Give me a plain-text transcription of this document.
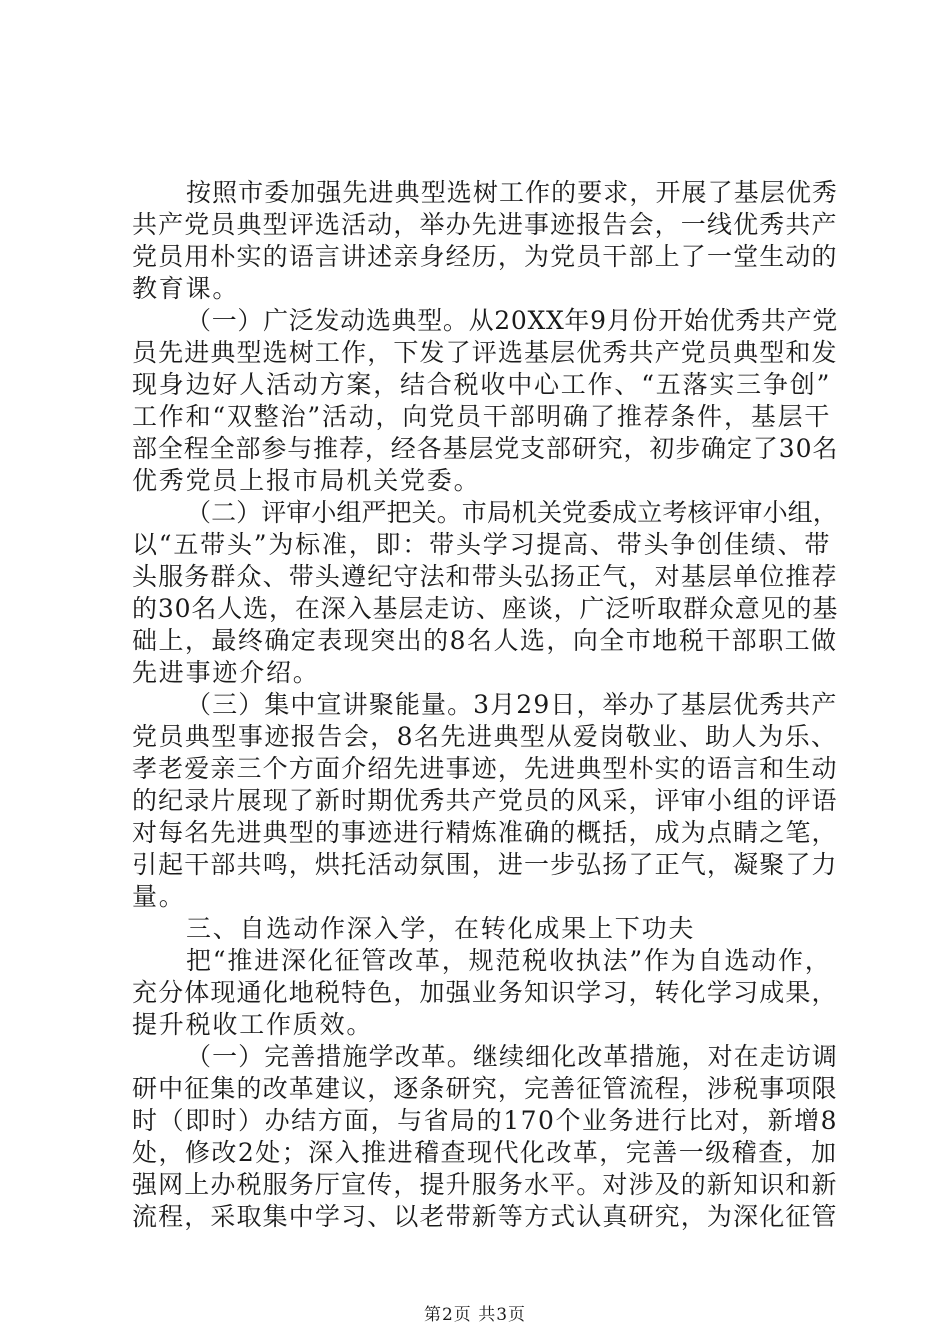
按照市委加强先进典型选树工作的要求，开展了基层优秀
共产党员典型评选活动，举办先进事迹报告会，一线优秀共产
党员用朴实的语言讲述亲身经历，为党员干部上了一堂生动的
教育课。
（一）广泛发动选典型。从20XX年9月份开始优秀共产党
员先进典型选树工作，下发了评选基层优秀共产党员典型和发
现身边好人活动方案，结合税收中心工作、“五落实三争创”
工作和“双整治”活动，向党员干部明确了推荐条件，基层干
部全程全部参与推荐，经各基层党支部研究，初步确定了30名
优秀党员上报市局机关党委。
（二）评审小组严把关。市局机关党委成立考核评审小组，
以“五带头”为标准，即：带头学习提高、带头争创佳绩、带
头服务群众、带头遵纪守法和带头弘扬正气，对基层单位推荐
的30名人选，在深入基层走访、座谈，广泛听取群众意见的基
础上，最终确定表现突出的8名人选，向全市地税干部职工做
先进事迹介绍。
（三）集中宣讲聚能量。3月29日，举办了基层优秀共产
党员典型事迹报告会，8名先进典型从爱岗敬业、助人为乐、
孝老爱亲三个方面介绍先进事迹，先进典型朴实的语言和生动
的纪录片展现了新时期优秀共产党员的风采，评审小组的评语
对每名先进典型的事迹进行精炼准确的概括，成为点睛之笔，
引起干部共鸣，烘托活动氛围，进一步弘扬了正气，凝聚了力
量。
三、自选动作深入学，在转化成果上下功夫
把“推进深化征管改革，规范税收执法”作为自选动作，
充分体现通化地税特色，加强业务知识学习，转化学习成果，
提升税收工作质效。
（一）完善措施学改革。继续细化改革措施，对在走访调
研中征集的改革建议，逐条研究，完善征管流程，涉税事项限
时（即时）办结方面，与省局的170个业务进行比对，新增8
处，修改2处；深入推进稽查现代化改革，完善一级稽查，加
强网上办税服务厅宣传，提升服务水平。对涉及的新知识和新
流程，采取集中学习、以老带新等方式认真研究，为深化征管
第2页 共3页
